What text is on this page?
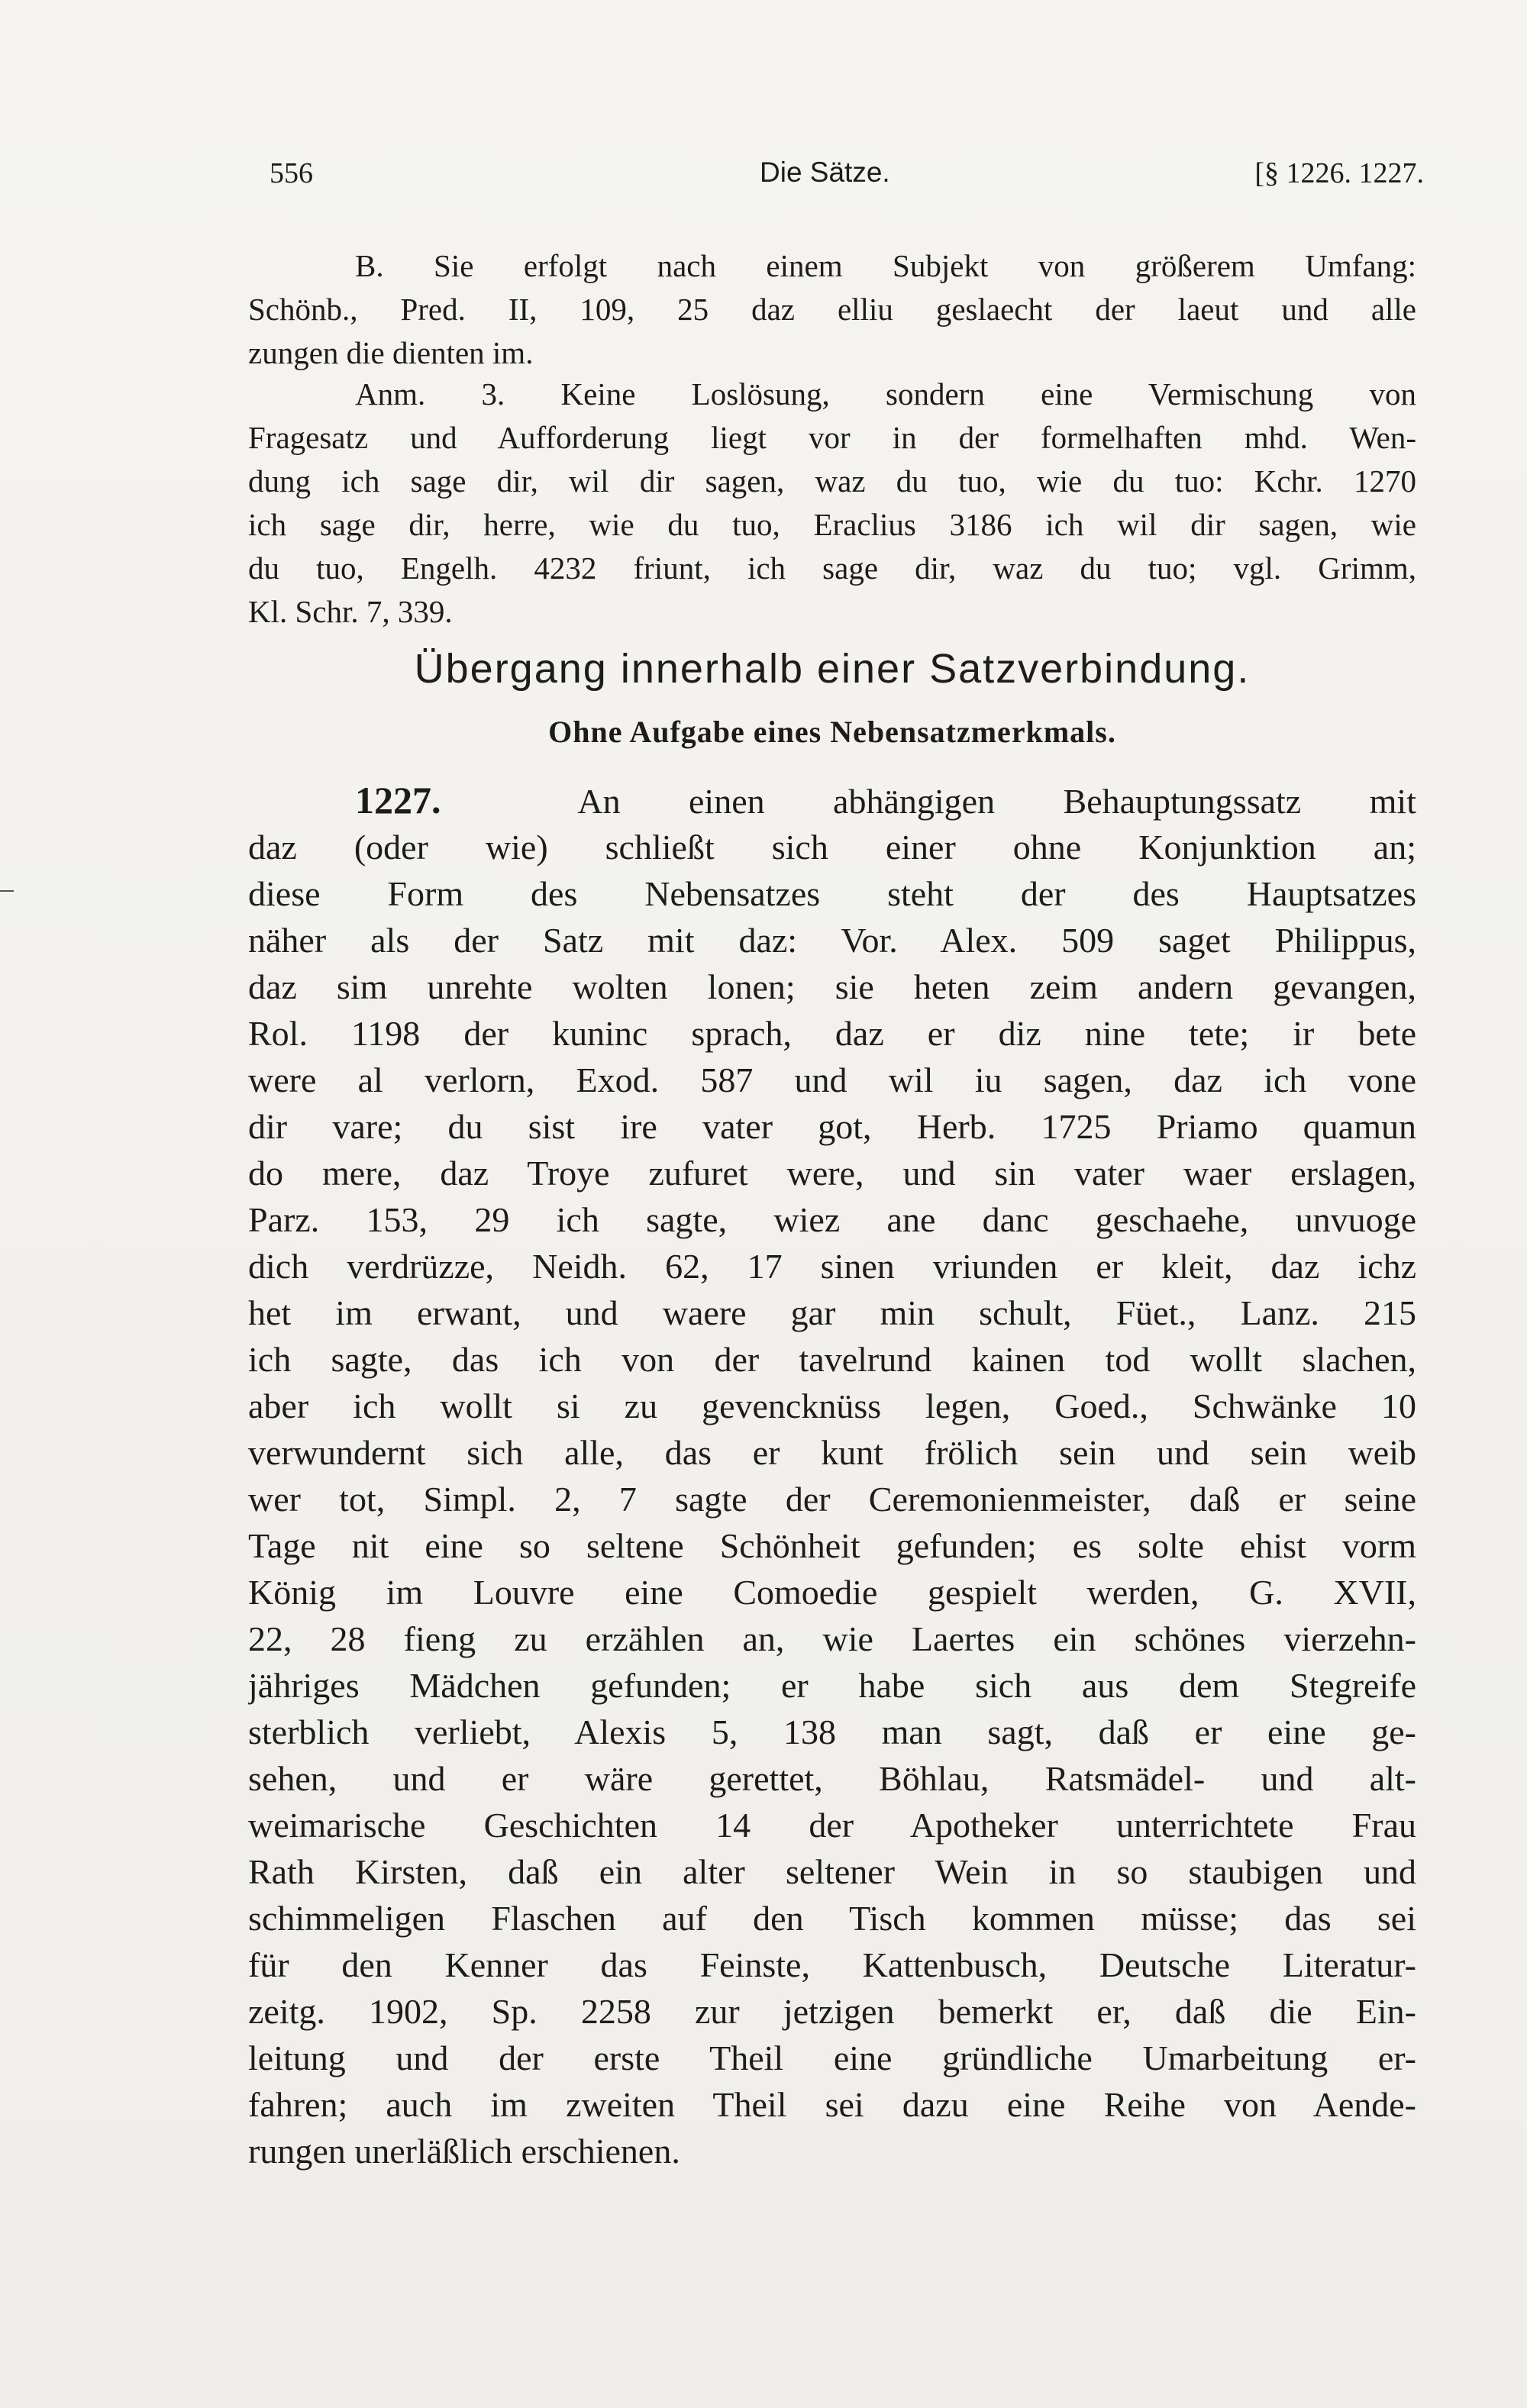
556	Die Sätze.	[§ 1226. 1227.
B. Sie erfolgt nach einem Subjekt von größerem Umfang:
Schönb., Pred. II, 109, 25 daz elliu geslaecht der laeut und alle
zungen die dienten im.
Anm. 3. Keine Loslösung, sondern eine Vermischung von
Fragesatz und Aufforderung liegt vor in der formelhaften mhd. Wen-
dung ich sage dir, wil dir sagen, waz du tuo, wie du tuo: Kchr. 1270
ich sage dir, herre, wie du tuo, Eraclius 3186 ich wil dir sagen, wie
du tuo, Engelh. 4232 friunt, ich sage dir, waz du tuo; vgl. Grimm,
Kl. Schr. 7, 339.
Übergang innerhalb einer Satzverbindung.
Ohne Aufgabe eines Nebensatzmerkmals.
1227.	An einen abhängigen Behauptungssatz mit
daz (oder wie) schließt sich einer ohne Konjunktion an;
diese Form des Nebensatzes steht der des Hauptsatzes
näher als der Satz mit daz: Vor. Alex. 509 saget Philippus,
daz sim unrehte wolten lonen; sie heten zeim andern gevangen,
Rol. 1198 der kuninc sprach, daz er diz nine tete; ir bete
were al verlorn, Exod. 587 und wil iu sagen, daz ich vone
dir vare; du sist ire vater got, Herb. 1725 Priamo quamun
do mere, daz Troye zufuret were, und sin vater waer erslagen,
Parz. 153, 29 ich sagte, wiez ane danc geschaehe, unvuoge
dich verdrüzze, Neidh. 62, 17 sinen vriunden er kleit, daz ichz
het im erwant, und waere gar min schult, Füet., Lanz. 215
ich sagte, das ich von der tavelrund kainen tod wollt slachen,
aber ich wollt si zu gevencknüss legen, Goed., Schwänke 10
verwundernt sich alle, das er kunt frölich sein und sein weib
wer tot, Simpl. 2, 7 sagte der Ceremonienmeister, daß er seine
Tage nit eine so seltene Schönheit gefunden; es solte ehist vorm
König im Louvre eine Comoedie gespielt werden, G. XVII,
22, 28 fieng zu erzählen an, wie Laertes ein schönes vierzehn-
jähriges Mädchen gefunden; er habe sich aus dem Stegreife
sterblich verliebt, Alexis 5, 138 man sagt, daß er eine ge-
sehen, und er wäre gerettet, Böhlau, Ratsmädel- und alt-
weimarische Geschichten 14 der Apotheker unterrichtete Frau
Rath Kirsten, daß ein alter seltener Wein in so staubigen und
schimmeligen Flaschen auf den Tisch kommen müsse; das sei
für den Kenner das Feinste, Kattenbusch, Deutsche Literatur-
zeitg. 1902, Sp. 2258 zur jetzigen bemerkt er, daß die Ein-
leitung und der erste Theil eine gründliche Umarbeitung er-
fahren; auch im zweiten Theil sei dazu eine Reihe von Aende-
rungen unerläßlich erschienen.
